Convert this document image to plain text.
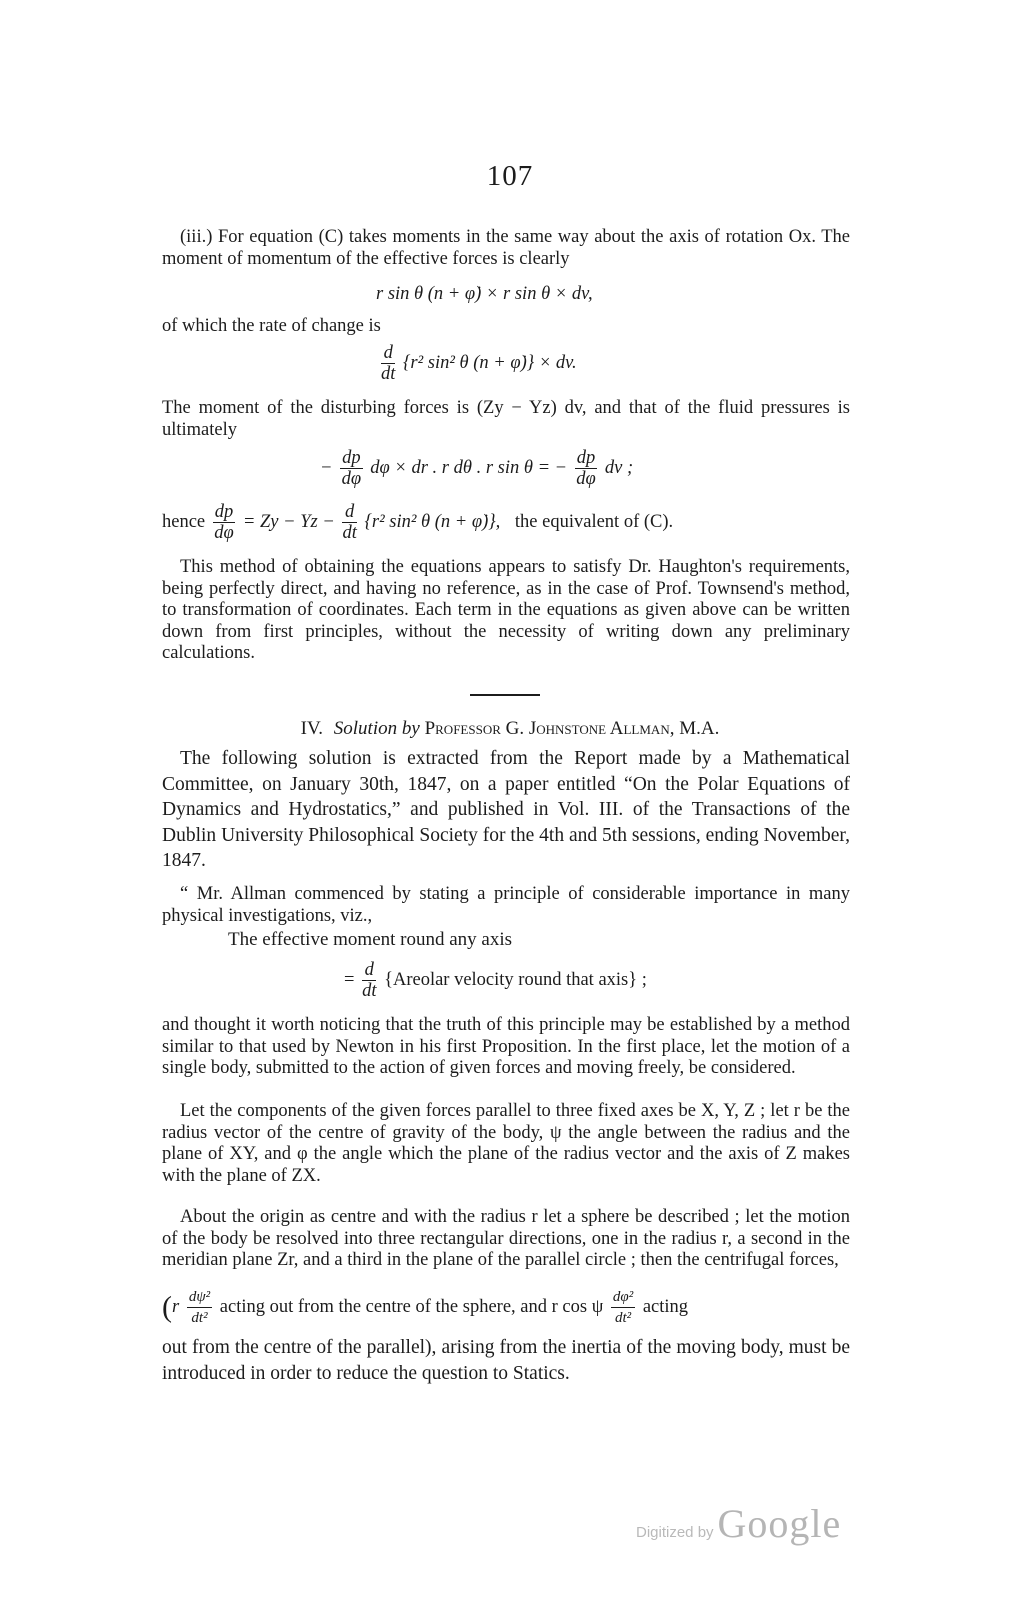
107

(iii.) For equation (C) takes moments in the same way about the axis of rotation Ox. The moment of momentum of the effective forces is clearly

r sin θ (n + φ̇) × r sin θ × dv,

of which the rate of change is

$\frac{d}{dt} \{r^2$ sin² θ (n + φ̇)} × dv.

The moment of the disturbing forces is (Zy − Yz) dv, and that of the fluid pressures is ultimately

− $\frac{dp}{d\varphi}$ dφ × dr . r dθ . r sin θ = − $\frac{dp}{d\varphi}$ dv ;
hence $\frac{dp}{d\varphi} = Zy - Yz - \frac{d}{dt} \{r^2$ sin² θ (n + φ̇)}, the equivalent of (C).

This method of obtaining the equations appears to satisfy Dr. Haughton's requirements, being perfectly direct, and having no reference, as in the case of Prof. Townsend's method, to transformation of coordinates. Each term in the equations as given above can be written down from first principles, without the necessity of writing down any preliminary calculations.

IV. Solution by Professor G. Johnstone Allman, M.A.

The following solution is extracted from the Report made by a Mathematical Committee, on January 30th, 1847, on a paper entitled “On the Polar Equations of Dynamics and Hydrostatics,” and published in Vol. III. of the Transactions of the Dublin University Philosophical Society for the 4th and 5th sessions, ending November, 1847.

“ Mr. Allman commenced by stating a principle of considerable importance in many physical investigations, viz.,

The effective moment round any axis

= $\frac{d}{dt}$ {Areolar velocity round that axis} ;

and thought it worth noticing that the truth of this principle may be established by a method similar to that used by Newton in his first Proposition. In the first place, let the motion of a single body, submitted to the action of given forces and moving freely, be considered.

Let the components of the given forces parallel to three fixed axes be X, Y, Z ; let r be the radius vector of the centre of gravity of the body, ψ the angle between the radius and the plane of XY, and φ the angle which the plane of the radius vector and the axis of Z makes with the plane of ZX.

About the origin as centre and with the radius r let a sphere be described ; let the motion of the body be resolved into three rectangular directions, one in the radius r, a second in the meridian plane Zr, and a third in the plane of the parallel circle ; then the centrifugal forces,

($r \frac{\text{dψ²}}{\text{dt²}}$ acting out from the centre of the sphere, and r cos ψ $\frac{\text{dφ²}}{\text{dt²}}$ acting

out from the centre of the parallel), arising from the inertia of the moving body, must be introduced in order to reduce the question to Statics.

Digitized by Google
